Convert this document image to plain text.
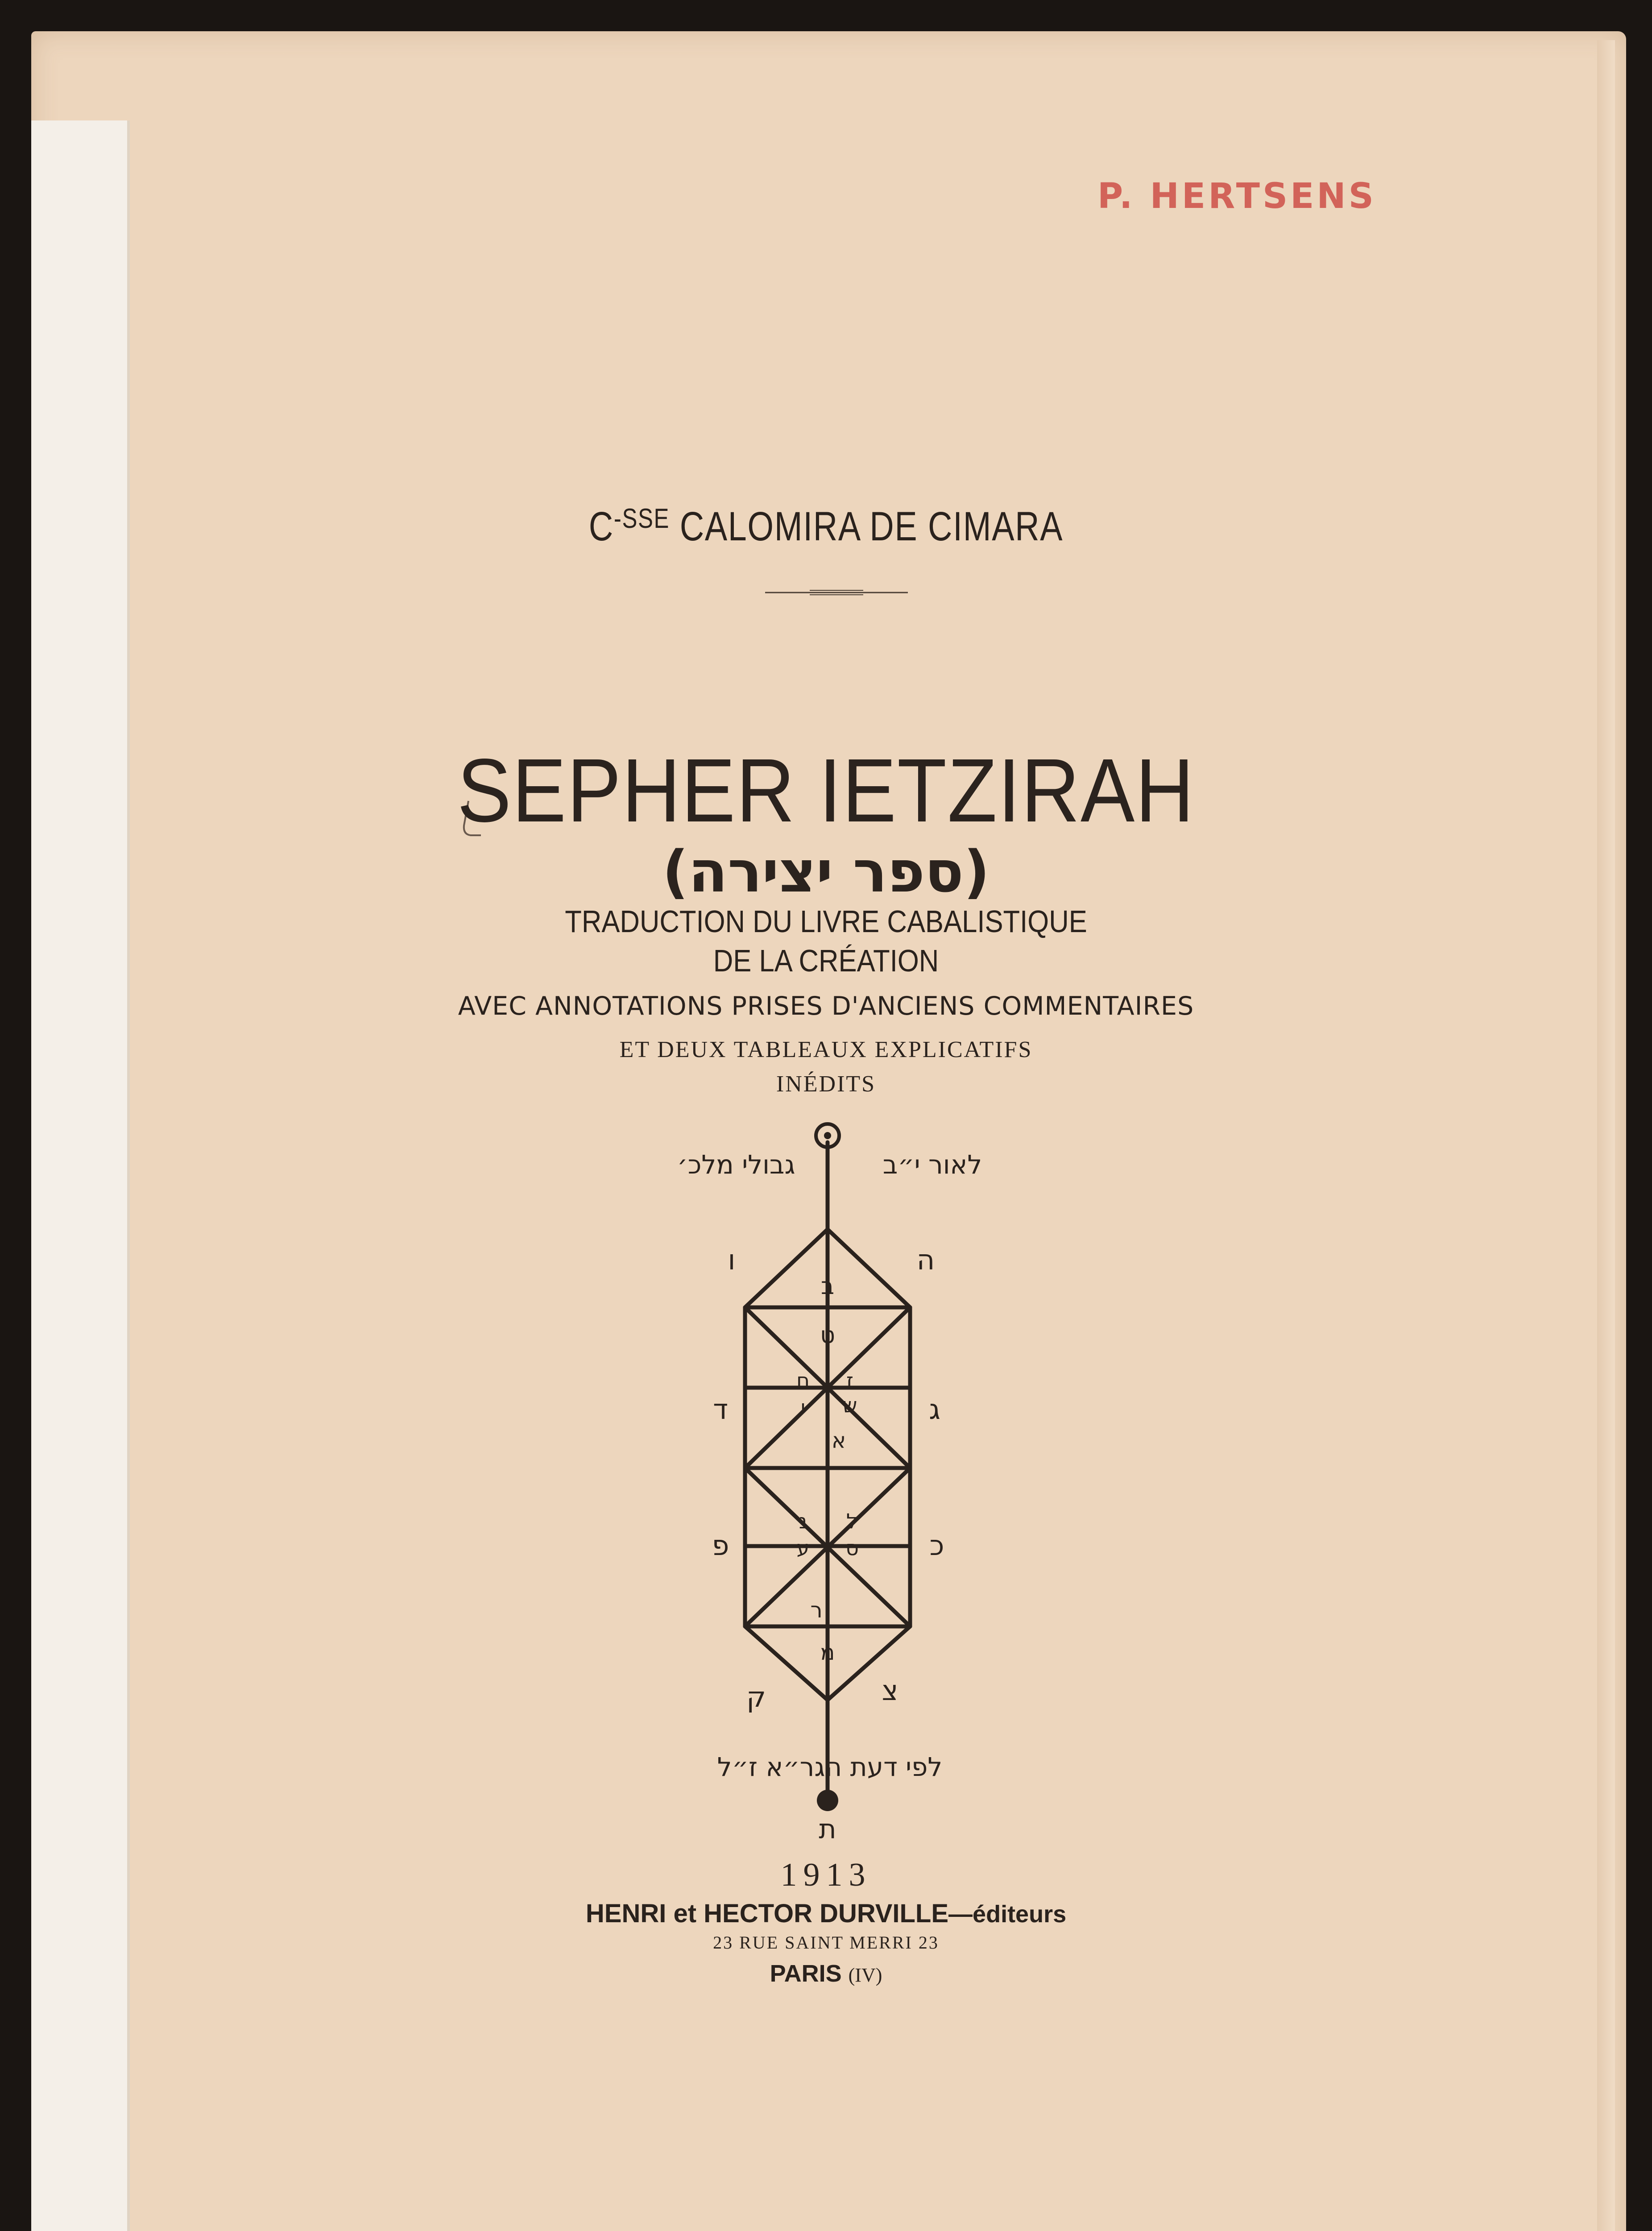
P. HERTSENS
$C^{-SSE}$ CALOMIRA DE CIMARA
SEPHER IETZIRAH
(ספר יצירה)
TRADUCTION DU LIVRE CABALISTIQUE
DE LA CRÉATION
AVEC ANNOTATIONS PRISES D'ANCIENS COMMENTAIRES
ET DEUX TABLEAUX EXPLICATIFS
INÉDITS
גבולי מלכ׳	לאור י״ב
לפי דעת הגר״א ז״ל
ת
ו	ה
ד	ג
פ	כ
ק	צ
ב
ט
ז
ח
י ש
א
נ ל
ע ס
ר
מ
1913
HENRI et HECTOR DURVILLE—éditeurs
23 RUE SAINT MERRI 23
PARIS (IV)
